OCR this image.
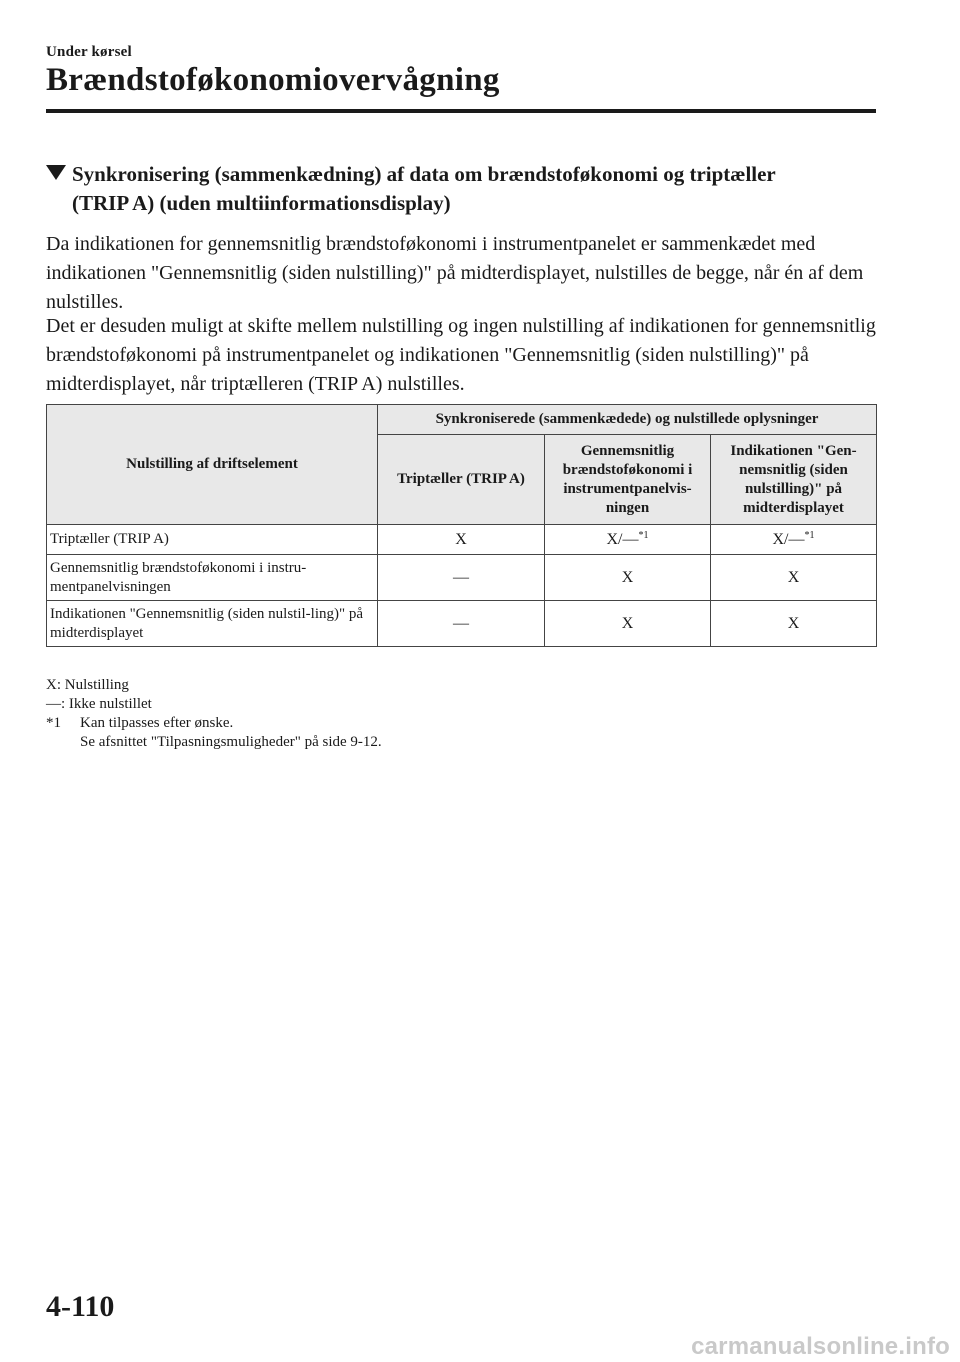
Under kørsel
Brændstoføkonomiovervågning
Synkronisering (sammenkædning) af data om brændstoføkonomi og triptæller
(TRIP A) (uden multiinformationsdisplay)

Da indikationen for gennemsnitlig brændstoføkonomi i instrumentpanelet er sammenkædet med indikationen "Gennemsnitlig (siden nulstilling)" på midterdisplayet, nulstilles de begge, når én af dem nulstilles.

Det er desuden muligt at skifte mellem nulstilling og ingen nulstilling af indikationen for gennemsnitlig brændstoføkonomi på instrumentpanelet og indikationen "Gennemsnitlig (siden nulstilling)" på midterdisplayet, når triptælleren (TRIP A) nulstilles.

Nulstilling af driftselement	Synkroniserede (sammenkædede) og nulstillede oplysninger		
	Triptæller (TRIP A)	Gennemsnitlig brændstoføkonomi i instrumentpanelvis-ningen	Indikationen "Gen-nemsnitlig (siden nulstilling)" på midterdisplayet
Triptæller (TRIP A)	X	X/—$^{*1}$	X/—$^{*1}$
Gennemsnitlig brændstoføkonomi i instru-mentpanelvisningen	—	X	X
Indikationen "Gennemsnitlig (siden nulstil-ling)" på midterdisplayet	—	X	X
X: Nulstilling
—: Ikke nulstillet
*1	Kan tilpasses efter ønske.
Se afsnittet "Tilpasningsmuligheder" på side 9-12.
4-110
carmanualsonline.info
